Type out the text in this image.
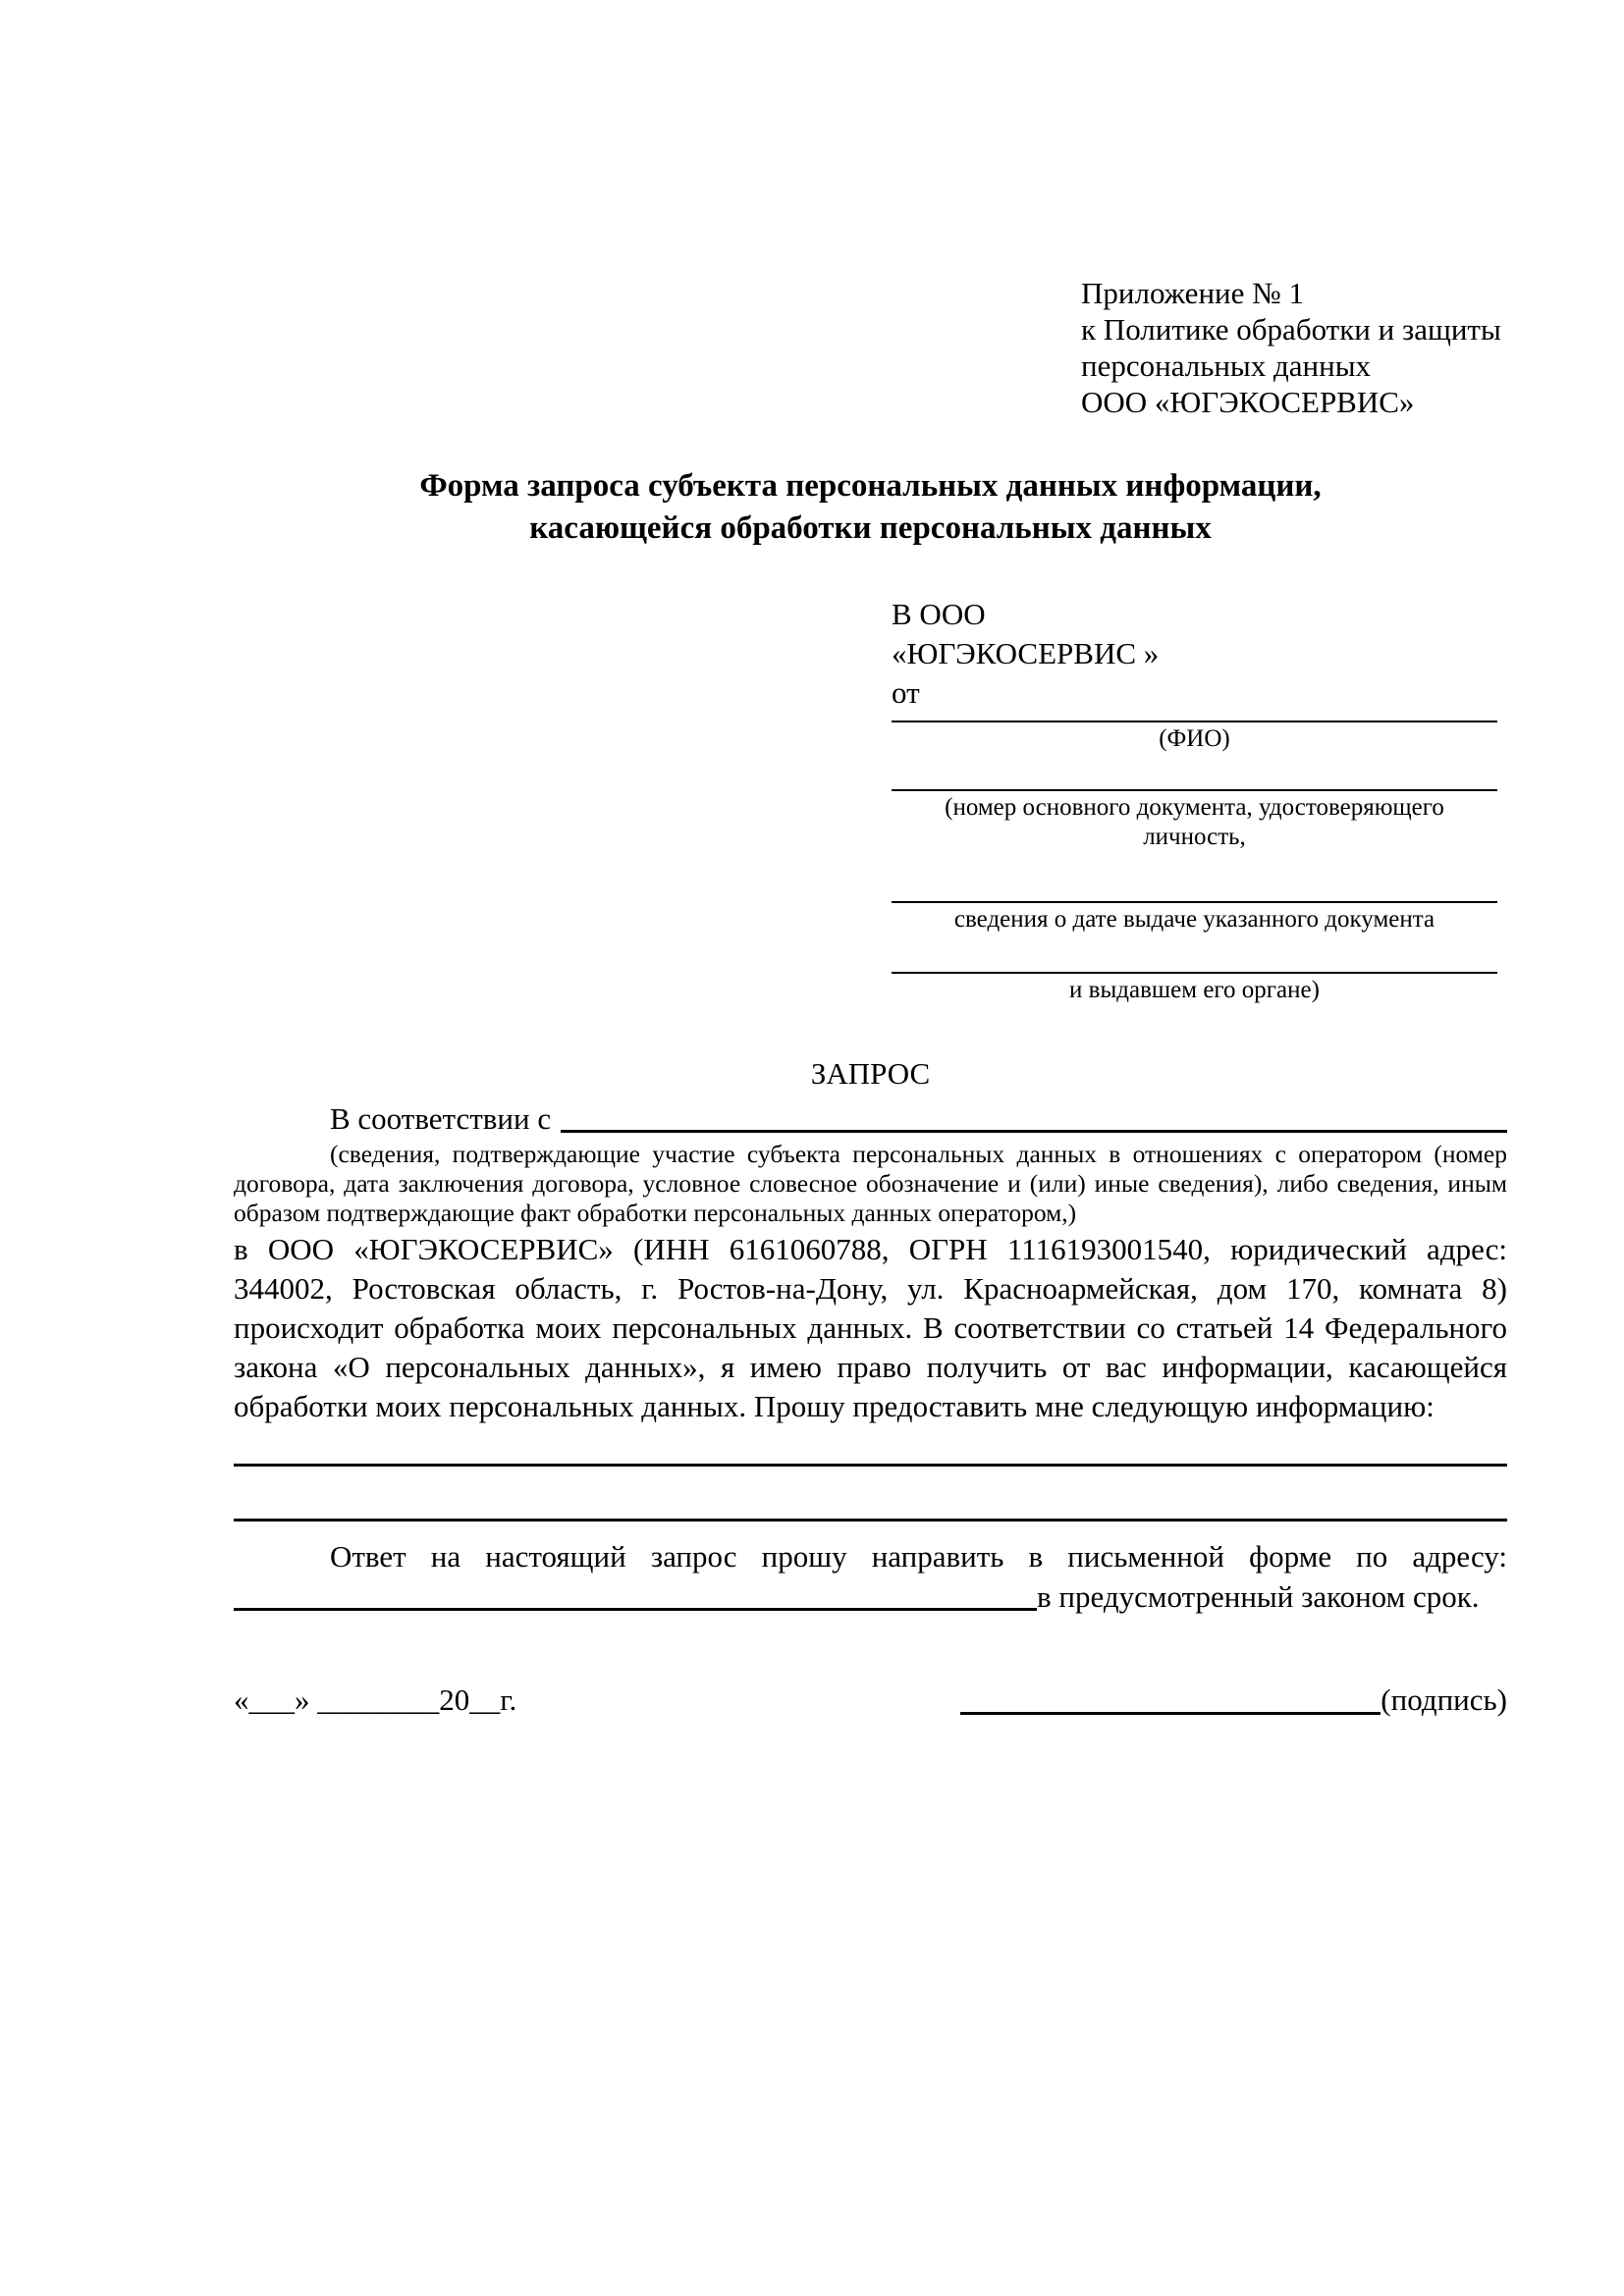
Приложение № 1
к Политике обработки и защиты
персональных данных
ООО «ЮГЭКОСЕРВИС»
Форма запроса субъекта персональных данных информации, касающейся обработки персональных данных
В ООО
«ЮГЭКОСЕРВИС »
от
(ФИО)
(номер основного документа, удостоверяющего личность,
сведения о дате выдаче указанного документа
и выдавшем его органе)
ЗАПРОС
В соответствии с
(сведения, подтверждающие участие субъекта персональных данных в отношениях с оператором (номер договора, дата заключения договора, условное словесное обозначение и (или) иные сведения), либо сведения, иным образом подтверждающие факт обработки персональных данных оператором,)
в ООО «ЮГЭКОСЕРВИС» (ИНН 6161060788, ОГРН 1116193001540, юридический адрес: 344002, Ростовская область, г. Ростов-на-Дону, ул. Красноармейская, дом 170, комната 8) происходит обработка моих персональных данных. В соответствии со статьей 14 Федерального закона «О персональных данных», я имею право получить от вас информации, касающейся обработки моих персональных данных. Прошу предоставить мне следующую информацию:
Ответ на настоящий запрос прошу направить в письменной форме по адресу:
в предусмотренный законом срок.
«___» ________20__г.	(подпись)
